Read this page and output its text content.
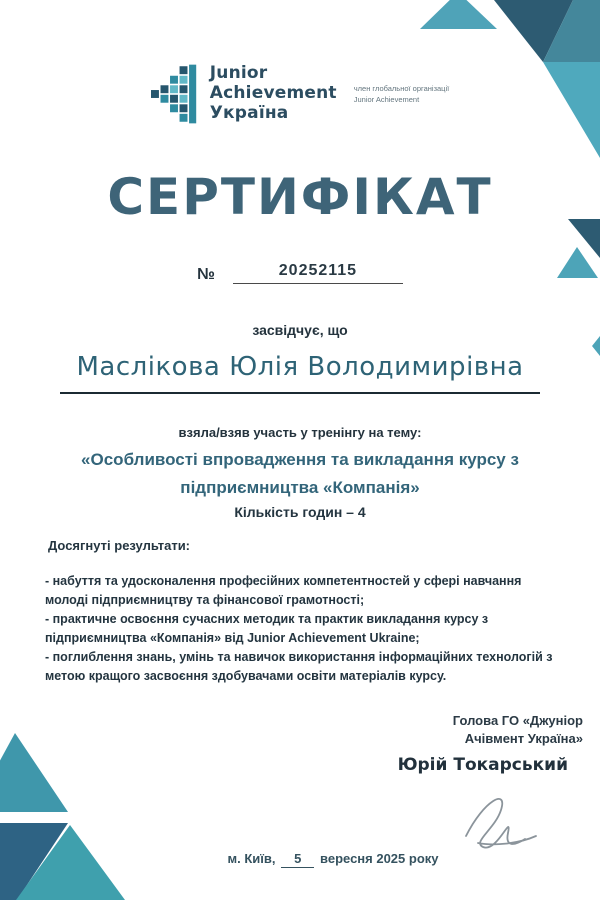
Junior
Achievement
Україна
член глобальної організації
Junior Achievement
СЕРТИФІКАТ
№	20252115
засвідчує, що
Маслікова Юлія Володимирівна
взяла/взяв участь у тренінгу на тему:
«Особливості впровадження та викладання курсу з
підприємництва «Компанія»
Кількість годин – 4
Досягнуті результати:
- набуття та удосконалення професійних компетентностей у сфері навчання молоді підприємництву та фінансової грамотності;
- практичне освоєння сучасних методик та практик викладання курсу з підприємництва «Компанія» від Junior Achievement Ukraine;
- поглиблення знань, умінь та навичок використання інформаційних технологій з метою кращого засвоєння здобувачами освіти матеріалів курсу.
Голова ГО «Джуніор
Ачівмент Україна»
Юрій Токарський
м. Київ, 5 вересня 2025 року
